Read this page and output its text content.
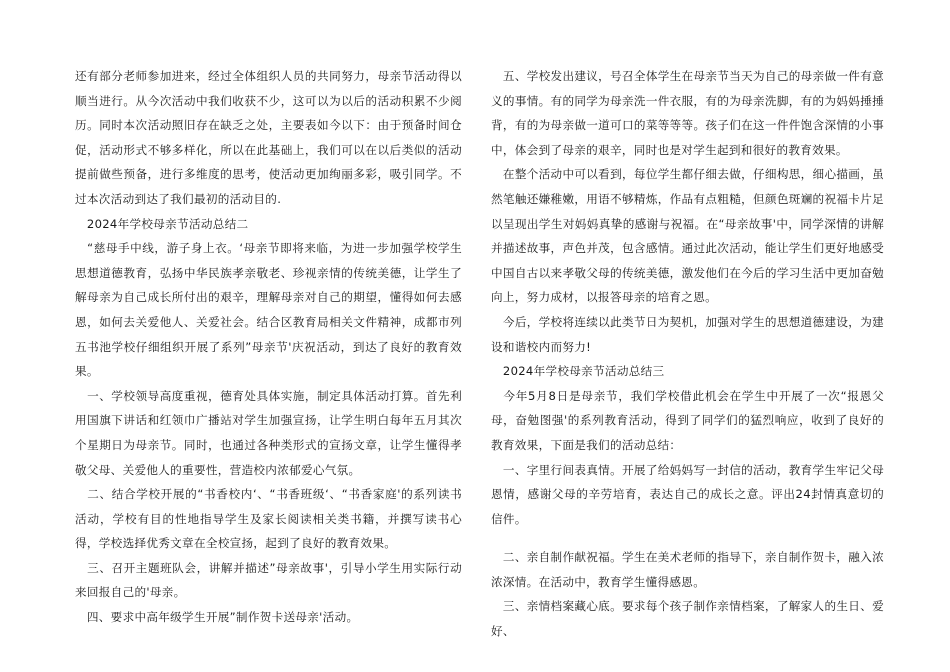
还有部分老师参加进来，经过全体组织人员的共同努力，母亲节活动得以顺当进行。从今次活动中我们收获不少，这可以为以后的活动积累不少阅历。同时本次活动照旧存在缺乏之处，主要表如今以下：由于预备时间仓促，活动形式不够多样化，所以在此基础上，我们可以在以后类似的活动提前做些预备，进行多维度的思考，使活动更加绚丽多彩，吸引同学。不过本次活动到达了我们最初的活动目的.

　2024年学校母亲节活动总结二

　“慈母手中线，游子身上衣。‘母亲节即将来临，为进一步加强学校学生思想道德教育，弘扬中华民族孝亲敬老、珍视亲情的传统美德，让学生了解母亲为自己成长所付出的艰辛，理解母亲对自己的期望，懂得如何去感恩，如何去关爱他人、关爱社会。结合区教育局相关文件精神，成都市列五书池学校仔细组织开展了系列”母亲节'庆祝活动，到达了良好的教育效果。

　一、学校领导高度重视，德育处具体实施，制定具体活动打算。首先利用国旗下讲话和红领巾广播站对学生加强宣扬，让学生明白每年五月其次个星期日为母亲节。同时，也通过各种类形式的宣扬文章，让学生懂得孝敬父母、关爱他人的重要性，营造校内浓郁爱心气氛。

　二、结合学校开展的“书香校内‘、“书香班级‘、“书香家庭'的系列读书活动，学校有目的性地指导学生及家长阅读相关类书籍，并撰写读书心得，学校选择优秀文章在全校宣扬，起到了良好的教育效果。

　三、召开主题班队会，讲解并描述”母亲故事'，引导小学生用实际行动来回报自己的'母亲。

　四、要求中高年级学生开展”制作贺卡送母亲'活动。

　五、学校发出建议，号召全体学生在母亲节当天为自己的母亲做一件有意义的事情。有的同学为母亲洗一件衣服，有的为母亲洗脚，有的为妈妈捶捶背，有的为母亲做一道可口的菜等等等。孩子们在这一件件饱含深情的小事中，体会到了母亲的艰辛，同时也是对学生起到和很好的教育效果。

　在整个活动中可以看到，每位学生都仔细去做，仔细构思，细心描画，虽然笔触还嫌稚嫩，用语不够精炼，作品有点粗糙，但颜色斑斓的祝福卡片足以呈现出学生对妈妈真挚的感谢与祝福。在“母亲故事'中，同学深情的讲解并描述故事，声色并茂，包含感情。通过此次活动，能让学生们更好地感受中国自古以来孝敬父母的传统美德，激发他们在今后的学习生活中更加奋勉向上，努力成材，以报答母亲的培育之恩。

　今后，学校将连续以此类节日为契机，加强对学生的思想道德建设，为建设和谐校内而努力!

　2024年学校母亲节活动总结三

　今年5月8日是母亲节，我们学校借此机会在学生中开展了一次“报恩父母，奋勉图强'的系列教育活动，得到了同学们的猛烈响应，收到了良好的教育效果，下面是我们的活动总结：

　一、字里行间表真情。开展了给妈妈写一封信的活动，教育学生牢记父母恩情，感谢父母的辛劳培育，表达自己的成长之意。评出24封情真意切的信件。

　二、亲自制作献祝福。学生在美术老师的指导下，亲自制作贺卡，融入浓浓深情。在活动中，教育学生懂得感恩。

　三、亲情档案藏心底。要求每个孩子制作亲情档案，了解家人的生日、爱好、
